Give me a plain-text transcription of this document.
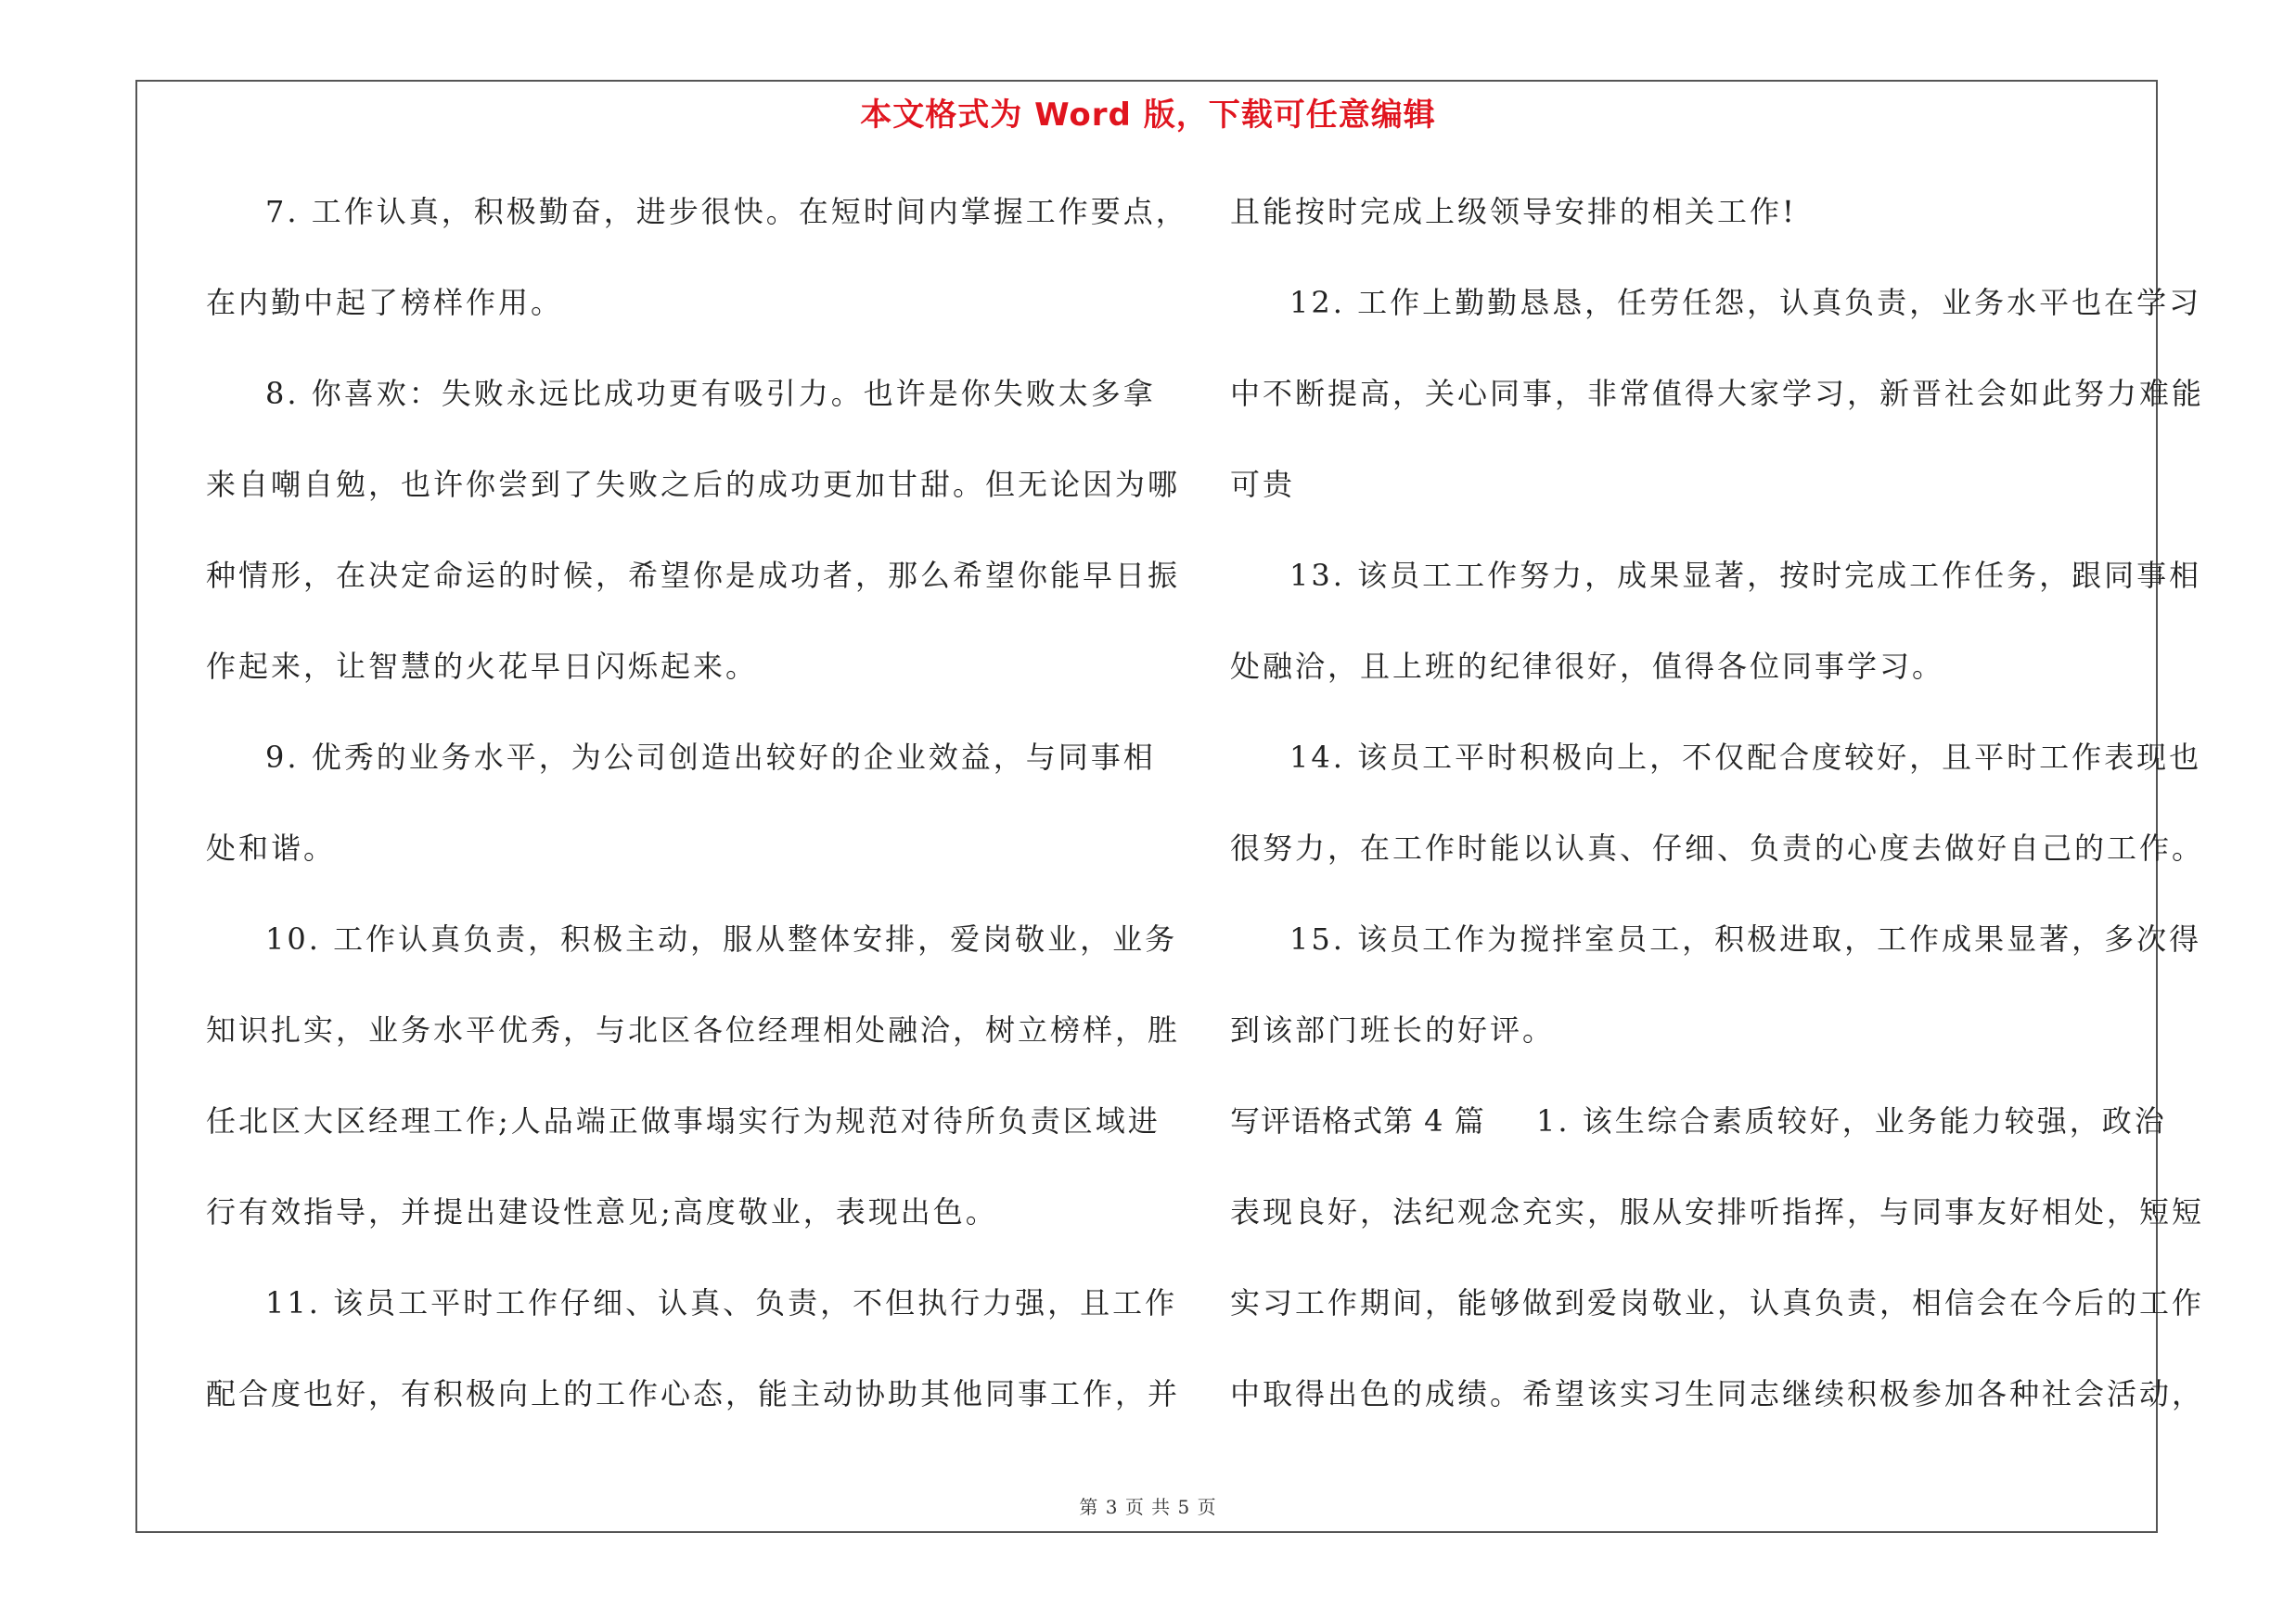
本文格式为 Word 版，下载可任意编辑
7. 工作认真，积极勤奋，进步很快。在短时间内掌握工作要点，
在内勤中起了榜样作用。
8. 你喜欢：失败永远比成功更有吸引力。也许是你失败太多拿
来自嘲自勉，也许你尝到了失败之后的成功更加甘甜。但无论因为哪
种情形，在决定命运的时候，希望你是成功者，那么希望你能早日振
作起来，让智慧的火花早日闪烁起来。
9. 优秀的业务水平，为公司创造出较好的企业效益，与同事相
处和谐。
10. 工作认真负责，积极主动，服从整体安排，爱岗敬业，业务
知识扎实，业务水平优秀，与北区各位经理相处融洽，树立榜样，胜
任北区大区经理工作;人品端正做事塌实行为规范对待所负责区域进
行有效指导，并提出建设性意见;高度敬业，表现出色。
11. 该员工平时工作仔细、认真、负责，不但执行力强，且工作
配合度也好，有积极向上的工作心态，能主动协助其他同事工作，并
且能按时完成上级领导安排的相关工作!
12. 工作上勤勤恳恳，任劳任怨，认真负责，业务水平也在学习
中不断提高，关心同事，非常值得大家学习，新晋社会如此努力难能
可贵
13. 该员工工作努力，成果显著，按时完成工作任务，跟同事相
处融洽，且上班的纪律很好，值得各位同事学习。
14. 该员工平时积极向上，不仅配合度较好，且平时工作表现也
很努力，在工作时能以认真、仔细、负责的心度去做好自己的工作。
15. 该员工作为搅拌室员工，积极进取，工作成果显著，多次得
到该部门班长的好评。
写评语格式第 4 篇 1. 该生综合素质较好，业务能力较强，政治
表现良好，法纪观念充实，服从安排听指挥，与同事友好相处，短短
实习工作期间，能够做到爱岗敬业，认真负责，相信会在今后的工作
中取得出色的成绩。希望该实习生同志继续积极参加各种社会活动，
第 3 页 共 5 页
